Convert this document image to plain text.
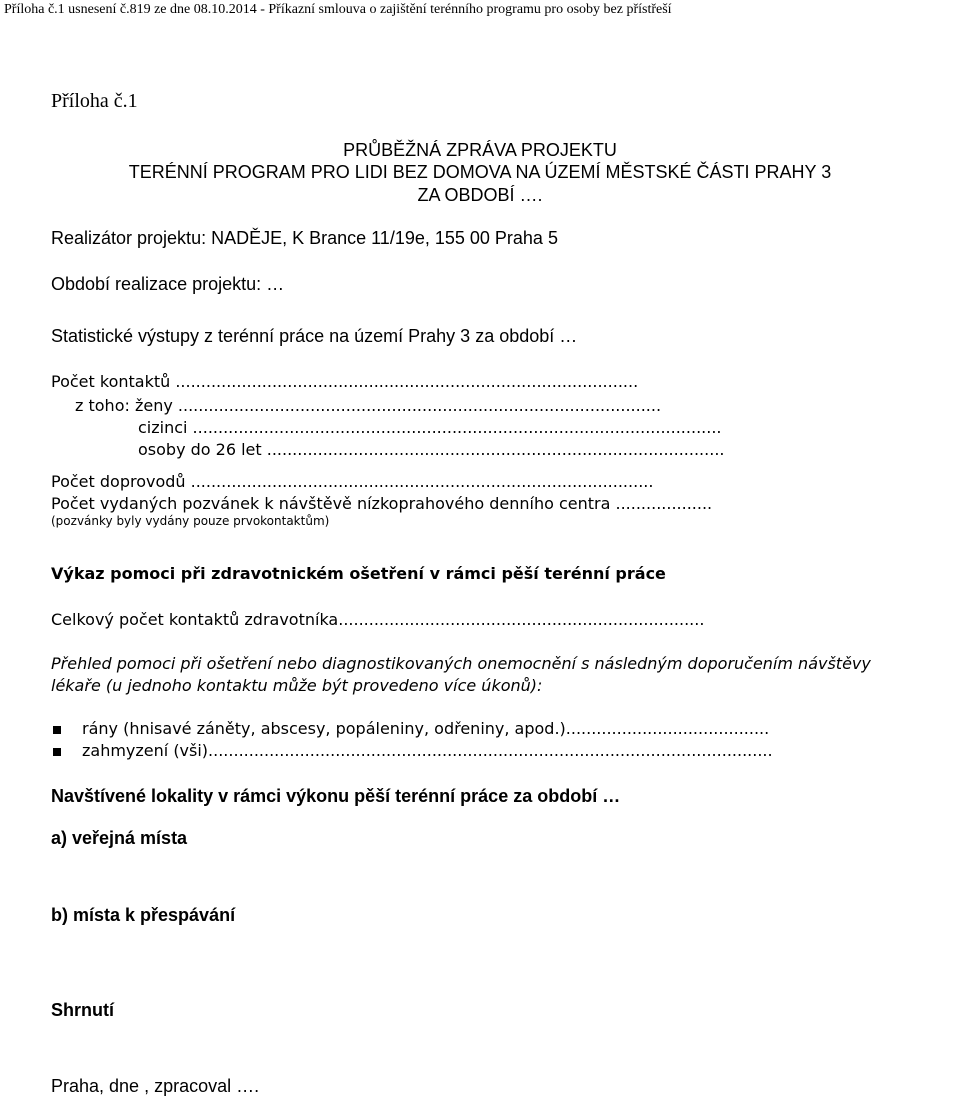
Příloha č.1 usnesení č.819 ze dne 08.10.2014 - Příkazní smlouva o zajištění terénního programu pro osoby bez přístřeší
Příloha č.1
PRŮBĚŽNÁ ZPRÁVA PROJEKTU
TERÉNNÍ PROGRAM PRO LIDI BEZ DOMOVA NA ÚZEMÍ MĚSTSKÉ ČÁSTI PRAHY 3
ZA OBDOBÍ ….
Realizátor projektu: NADĚJE, K Brance 11/19e, 155 00 Praha 5
Období realizace projektu: …
Statistické výstupy z terénní práce na území Prahy 3 za období …
Počet kontaktů ...........................................................................................
z toho: ženy ...............................................................................................
cizinci ........................................................................................................
osoby do 26 let ..........................................................................................
Počet doprovodů ...........................................................................................
Počet vydaných pozvánek k návštěvě nízkoprahového denního centra ...................
(pozvánky byly vydány pouze prvokontaktům)
Výkaz pomoci při zdravotnickém ošetření v rámci pěší terénní práce
Celkový počet kontaktů zdravotníka........................................................................
Přehled pomoci při ošetření nebo diagnostikovaných onemocnění s následným doporučením návštěvy
lékaře (u jednoho kontaktu může být provedeno více úkonů):
rány (hnisavé záněty, abscesy, popáleniny, odřeniny, apod.)........................................
zahmyzení (vši)...............................................................................................................
Navštívené lokality v rámci výkonu pěší terénní práce za období …
a) veřejná místa
b) místa k přespávání
Shrnutí
Praha, dne , zpracoval ….
